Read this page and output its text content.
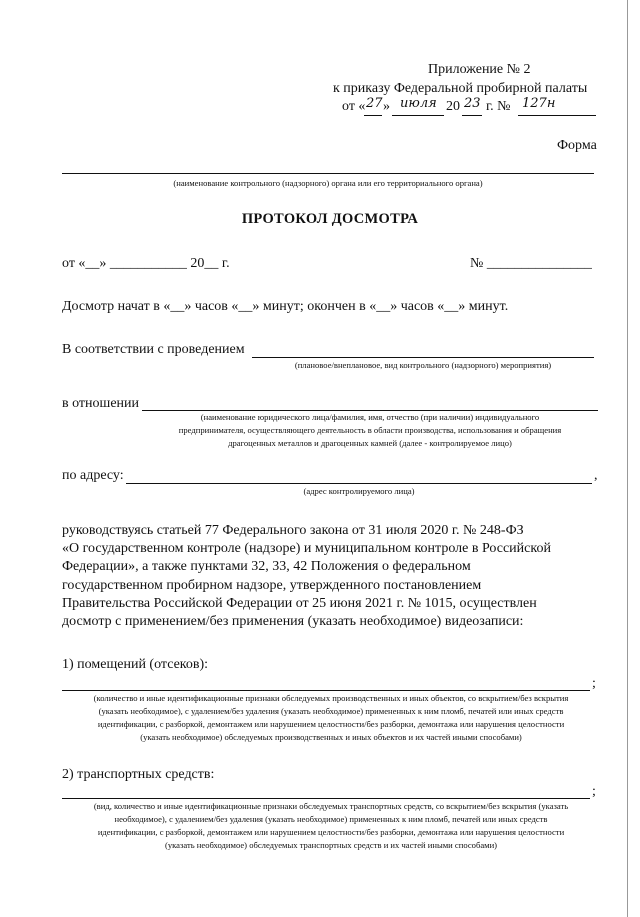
Приложение № 2
к приказу Федеральной пробирной палаты
от « 27 » июля 20 23 г. № 127н
Форма
(наименование контрольного (надзорного) органа или его территориального органа)
ПРОТОКОЛ ДОСМОТРА
от «__» ___________ 20__ г.	№ _______________
Досмотр начат в «__» часов «__» минут; окончен в «__» часов «__» минут.
В соответствии с проведением
(плановое/внеплановое, вид контрольного (надзорного) мероприятия)
в отношении
(наименование юридического лица/фамилия, имя, отчество (при наличии) индивидуального
предпринимателя, осуществляющего деятельность в области производства, использования и обращения
драгоценных металлов и драгоценных камней (далее - контролируемое лицо)
по адресу:	,
(адрес контролируемого лица)
руководствуясь статьей 77 Федерального закона от 31 июля 2020 г. № 248-ФЗ
«О государственном контроле (надзоре) и муниципальном контроле в Российской
Федерации», а также пунктами 32, 33, 42 Положения о федеральном
государственном пробирном надзоре, утвержденного постановлением
Правительства Российской Федерации от 25 июня 2021 г. № 1015, осуществлен
досмотр с применением/без применения (указать необходимое) видеозаписи:
1) помещений (отсеков):
;
(количество и иные идентификационные признаки обследуемых производственных и иных объектов, со вскрытием/без вскрытия
(указать необходимое), с удалением/без удаления (указать необходимое) примененных к ним пломб, печатей или иных средств
идентификации, с разборкой, демонтажем или нарушением целостности/без разборки, демонтажа или нарушения целостности
(указать необходимое) обследуемых производственных и иных объектов и их частей иными способами)
2) транспортных средств:
;
(вид, количество и иные идентификационные признаки обследуемых транспортных средств, со вскрытием/без вскрытия (указать
необходимое), с удалением/без удаления (указать необходимое) примененных к ним пломб, печатей или иных средств
идентификации, с разборкой, демонтажем или нарушением целостности/без разборки, демонтажа или нарушения целостности
(указать необходимое) обследуемых транспортных средств и их частей иными способами)
